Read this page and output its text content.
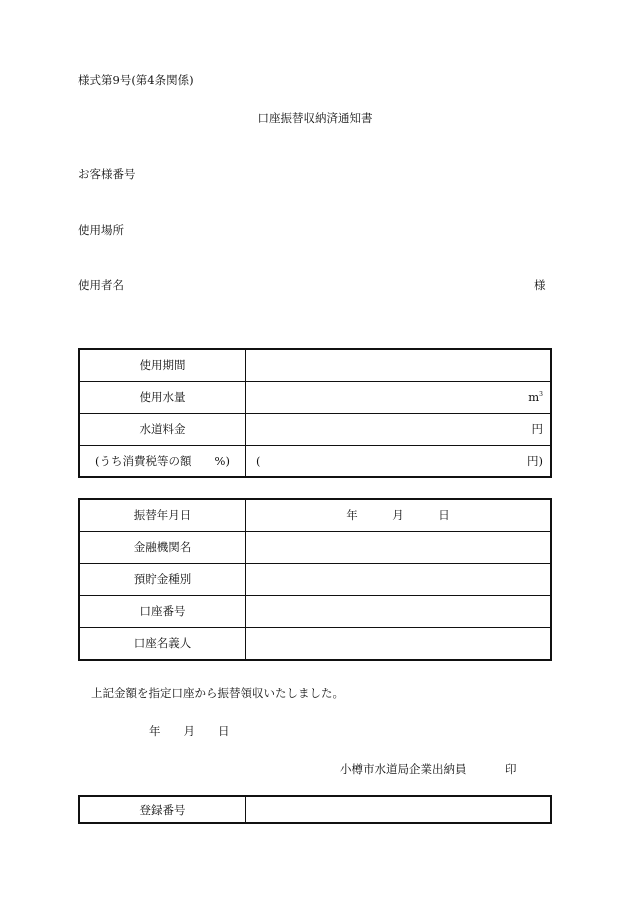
様式第9号(第4条関係)
口座振替収納済通知書
お客様番号
使用場所
使用者名	様
使用期間	
使用水量	$m^3$

水道料金	円

(うち消費税等の額　　%)	( 円)
振替年月日	年　　　月　　　日
金融機関名	
預貯金種別	
口座番号	
口座名義人	
上記金額を指定口座から振替領収いたしました。
年　　月　　日
小樽市水道局企業出納員	印
登録番号	
